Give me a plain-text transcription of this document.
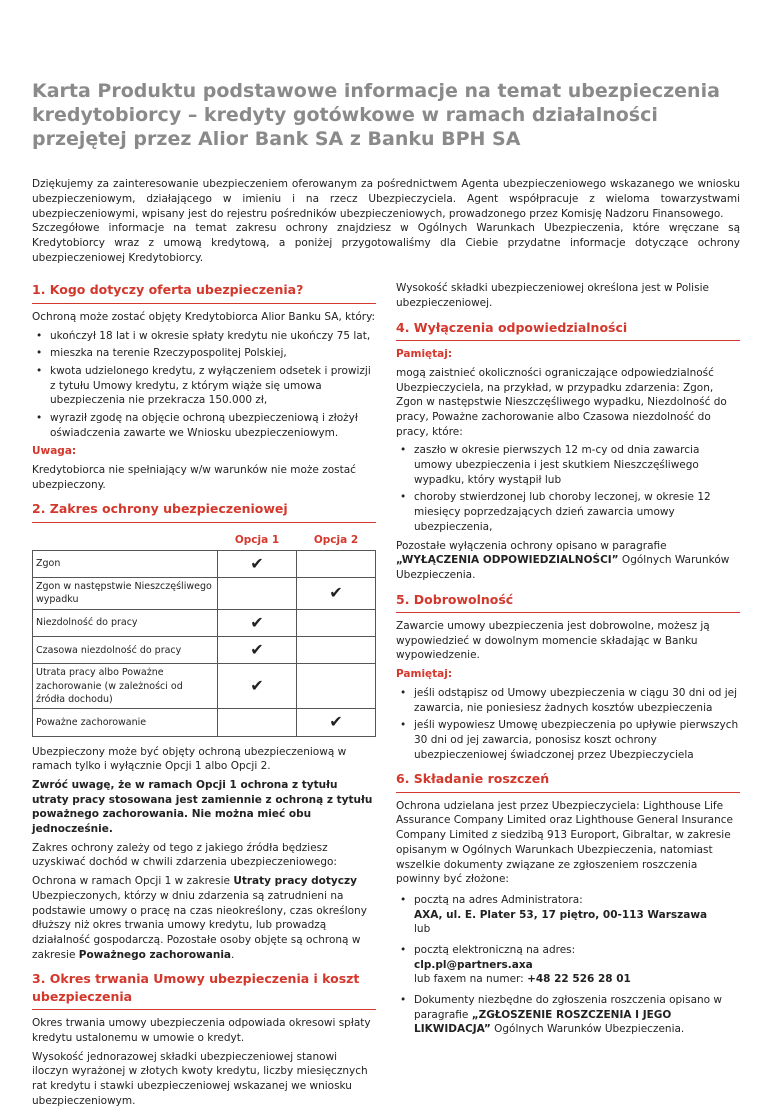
Karta Produktu podstawowe informacje na temat ubezpieczenia kredytobiorcy – kredyty gotówkowe w ramach działalności przejętej przez Alior Bank SA z Banku BPH SA

Dziękujemy za zainteresowanie ubezpieczeniem oferowanym za pośrednictwem Agenta ubezpieczeniowego wskazanego we wniosku ubezpieczeniowym, działającego w imieniu i na rzecz Ubezpieczyciela. Agent współpracuje z wieloma towarzystwami ubezpieczeniowymi, wpisany jest do rejestru pośredników ubezpieczeniowych, prowadzonego przez Komisję Nadzoru Finansowego.

Szczegółowe informacje na temat zakresu ochrony znajdziesz w Ogólnych Warunkach Ubezpieczenia, które wręczane są Kredytobiorcy wraz z umową kredytową, a poniżej przygotowaliśmy dla Ciebie przydatne informacje dotyczące ochrony ubezpieczeniowej Kredytobiorcy.

1. Kogo dotyczy oferta ubezpieczenia?

Ochroną może zostać objęty Kredytobiorca Alior Banku SA, który:

• ukończył 18 lat i w okresie spłaty kredytu nie ukończy 75 lat,
• mieszka na terenie Rzeczypospolitej Polskiej,
• kwota udzielonego kredytu, z wyłączeniem odsetek i prowizji z tytułu Umowy kredytu, z którym wiąże się umowa ubezpieczenia nie przekracza 150.000 zł,
• wyraził zgodę na objęcie ochroną ubezpieczeniową i złożył oświadczenia zawarte we Wniosku ubezpieczeniowym.
Uwaga:

Kredytobiorca nie spełniający w/w warunków nie może zostać ubezpieczony.

2. Zakres ochrony ubezpieczeniowej
	Opcja 1	Opcja 2
Zgon	✔	
Zgon w następstwie Nieszczęśliwego wypadku		✔
Niezdolność do pracy	✔	
Czasowa niezdolność do pracy	✔	
Utrata pracy albo Poważne zachorowanie (w zależności od źródła dochodu)	✔	
Poważne zachorowanie		✔

Ubezpieczony może być objęty ochroną ubezpieczeniową w ramach tylko i wyłącznie Opcji 1 albo Opcji 2.

Zwróć uwagę, że w ramach Opcji 1 ochrona z tytułu utraty pracy stosowana jest zamiennie z ochroną z tytułu poważnego zachorowania. Nie można mieć obu jednocześnie.

Zakres ochrony zależy od tego z jakiego źródła będziesz uzyskiwać dochód w chwili zdarzenia ubezpieczeniowego:

Ochrona w ramach Opcji 1 w zakresie Utraty pracy dotyczy Ubezpieczonych, którzy w dniu zdarzenia są zatrudnieni na podstawie umowy o pracę na czas nieokreślony, czas określony dłuższy niż okres trwania umowy kredytu, lub prowadzą działalność gospodarczą. Pozostałe osoby objęte są ochroną w zakresie Poważnego zachorowania.

3. Okres trwania Umowy ubezpieczenia i koszt ubezpieczenia

Okres trwania umowy ubezpieczenia odpowiada okresowi spłaty kredytu ustalonemu w umowie o kredyt.

Wysokość jednorazowej składki ubezpieczeniowej stanowi iloczyn wyrażonej w złotych kwoty kredytu, liczby miesięcznych rat kredytu i stawki ubezpieczeniowej wskazanej we wniosku ubezpieczeniowym.

Wysokość składki ubezpieczeniowej określona jest w Polisie ubezpieczeniowej.

4. Wyłączenia odpowiedzialności
Pamiętaj:

mogą zaistnieć okoliczności ograniczające odpowiedzialność Ubezpieczyciela, na przykład, w przypadku zdarzenia: Zgon, Zgon w następstwie Nieszczęśliwego wypadku, Niezdolność do pracy, Poważne zachorowanie albo Czasowa niezdolność do pracy, które:

• zaszło w okresie pierwszych 12 m-cy od dnia zawarcia umowy ubezpieczenia i jest skutkiem Nieszczęśliwego wypadku, który wystąpił lub
• choroby stwierdzonej lub choroby leczonej, w okresie 12 miesięcy poprzedzających dzień zawarcia umowy ubezpieczenia,

Pozostałe wyłączenia ochrony opisano w paragrafie „WYŁĄCZENIA ODPOWIEDZIALNOŚCI” Ogólnych Warunków Ubezpieczenia.

5. Dobrowolność

Zawarcie umowy ubezpieczenia jest dobrowolne, możesz ją wypowiedzieć w dowolnym momencie składając w Banku wypowiedzenie.

Pamiętaj:
• jeśli odstąpisz od Umowy ubezpieczenia w ciągu 30 dni od jej zawarcia, nie poniesiesz żadnych kosztów ubezpieczenia
• jeśli wypowiesz Umowę ubezpieczenia po upływie pierwszych 30 dni od jej zawarcia, ponosisz koszt ochrony ubezpieczeniowej świadczonej przez Ubezpieczyciela
6. Składanie roszczeń

Ochrona udzielana jest przez Ubezpieczyciela: Lighthouse Life Assurance Company Limited oraz Lighthouse General Insurance Company Limited z siedzibą 913 Europort, Gibraltar, w zakresie opisanym w Ogólnych Warunkach Ubezpieczenia, natomiast wszelkie dokumenty związane ze zgłoszeniem roszczenia powinny być złożone:

• pocztą na adres Administratora:
AXA, ul. E. Plater 53, 17 piętro, 00-113 Warszawa
lub
• pocztą elektroniczną na adres:
clp.pl@partners.axa
lub faxem na numer: +48 22 526 28 01
• Dokumenty niezbędne do zgłoszenia roszczenia opisano w paragrafie „ZGŁOSZENIE ROSZCZENIA I JEGO LIKWIDACJA” Ogólnych Warunków Ubezpieczenia.
